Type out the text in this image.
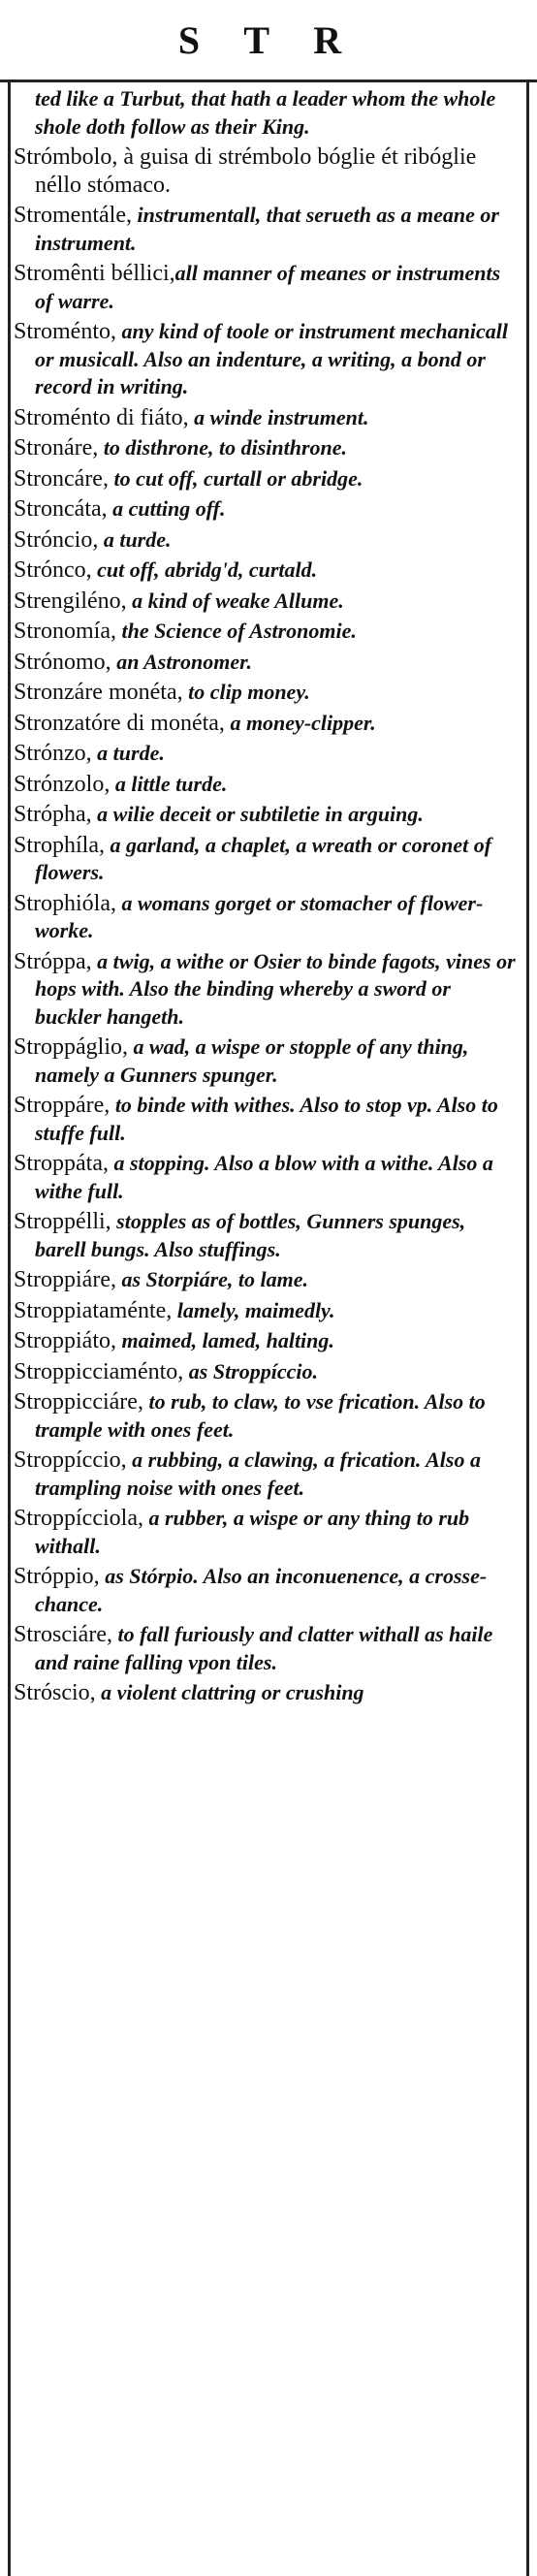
S T R

ted like a Turbut, that hath a leader whom the whole shole doth follow as their King.

Strómbolo, à guisa di strémbolo bóglie ét ribóglie néllo stómaco.

Stromentále, instrumentall, that serueth as a meane or instrument.

Stromênti béllici,all manner of meanes or instruments of warre.

Stroménto, any kind of toole or instrument mechanicall or musicall. Also an indenture, a writing, a bond or record in writing.

Stroménto di fiáto, a winde instrument.

Stronáre, to disthrone, to disinthrone.

Stroncáre, to cut off, curtall or abridge.

Stroncáta, a cutting off.

Strónciо, a turde.

Strónco, cut off, abridg'd, curtald.

Strengiléno, a kind of weake Allume.

Stronomía, the Science of Astronomie.

Strónomo, an Astronomer.

Stronzáre monéta, to clip money.

Stronzatóre di monéta, a money-clipper.

Strónzo, a turde.

Strónzolo, a little turde.

Strópha, a wilie deceit or subtiletie in arguing.

Strophíla, a garland, a chaplet, a wreath or coronet of flowers.

Strophióla, a womans gorget or stomacher of flower-worke.

Stróppa, a twig, a withe or Osier to binde fagots, vines or hops with. Also the binding whereby a sword or buckler hangeth.

Stroppáglio, a wad, a wispe or stopple of any thing, namely a Gunners spunger.

Stroppáre, to binde with withes. Also to stop vp. Also to stuffe full.

Stroppáta, a stopping. Also a blow with a withe. Also a withe full.

Stroppélli, stopples as of bottles, Gunners spunges, barell bungs. Also stuffings.

Stroppiáre, as Storpiáre, to lame.

Stroppiataménte, lamely, maimedly.

Stroppiáto, maimed, lamed, halting.

Stroppicciaménto, as Stroppíccio.

Stroppicciáre, to rub, to claw, to vse frication. Also to trample with ones feet.

Stroppíccio, a rubbing, a clawing, a frication. Also a trampling noise with ones feet.

Stroppícciola, a rubber, a wispe or any thing to rub withall.

Stróppio, as Stórpio. Also an inconuenence, a crosse-chance.

Strosciáre, to fall furiously and clatter withall as haile and raine falling vpon tiles.

Stróscio, a violent clattring or crushing
